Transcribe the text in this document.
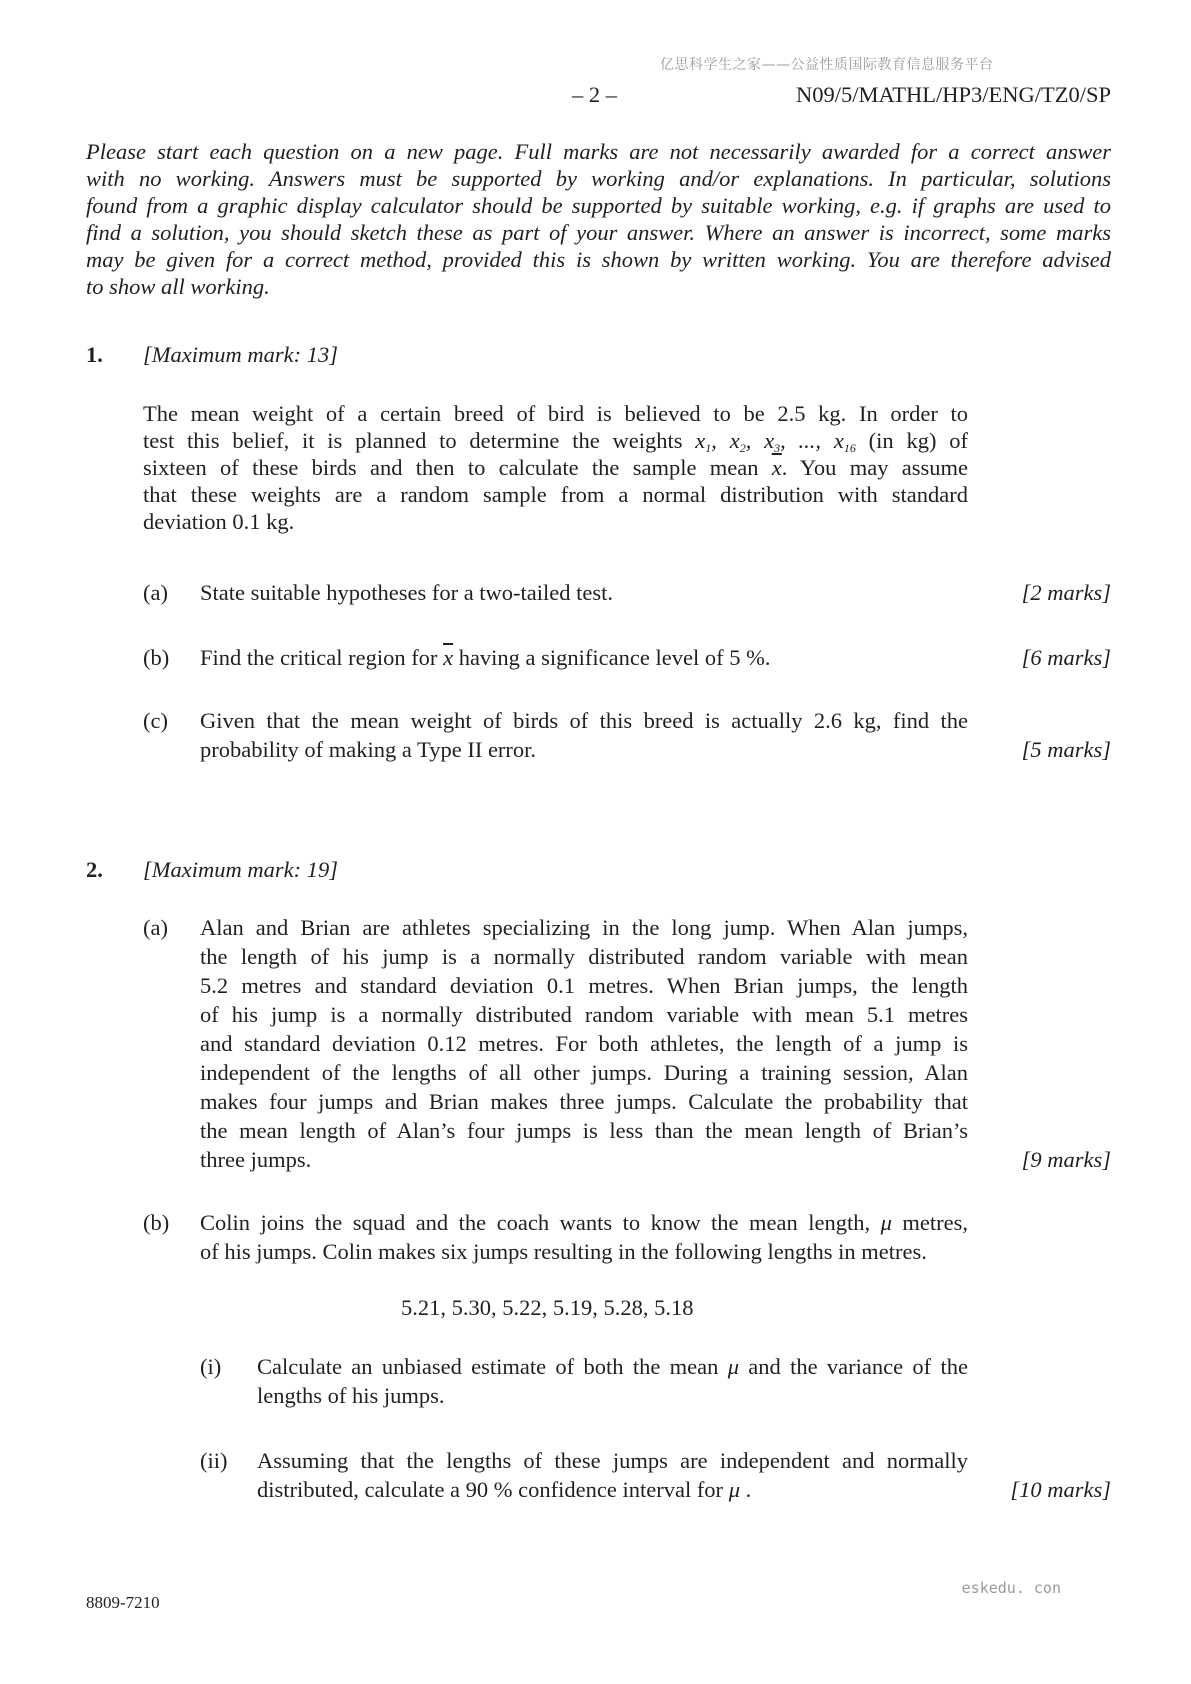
亿思科学生之家——公益性质国际教育信息服务平台
– 2 –	N09/5/MATHL/HP3/ENG/TZ0/SP
Please start each question on a new page. Full marks are not necessarily awarded for a correct answer
with no working. Answers must be supported by working and/or explanations. In particular, solutions
found from a graphic display calculator should be supported by suitable working, e.g. if graphs are used to
find a solution, you should sketch these as part of your answer. Where an answer is incorrect, some marks
may be given for a correct method, provided this is shown by written working. You are therefore advised
to show all working.
1. [Maximum mark: 13]
The mean weight of a certain breed of bird is believed to be 2.5 kg. In order to
test this belief, it is planned to determine the weights $x_1$, $x_2$, $x_3$, ..., $x_{16}$ (in kg) of
sixteen of these birds and then to calculate the sample mean $\overline{x}$. You may assume
that these weights are a random sample from a normal distribution with standard
deviation 0.1 kg.
(a) State suitable hypotheses for a two-tailed test.	[2 marks]
(b) Find the critical region for $\overline{x}$ having a significance level of 5 %.	[6 marks]
(c) Given that the mean weight of birds of this breed is actually 2.6 kg, find the
probability of making a Type II error.	[5 marks]
2. [Maximum mark: 19]
(a) Alan and Brian are athletes specializing in the long jump. When Alan jumps,
the length of his jump is a normally distributed random variable with mean
5.2 metres and standard deviation 0.1 metres. When Brian jumps, the length
of his jump is a normally distributed random variable with mean 5.1 metres
and standard deviation 0.12 metres. For both athletes, the length of a jump is
independent of the lengths of all other jumps. During a training session, Alan
makes four jumps and Brian makes three jumps. Calculate the probability that
the mean length of Alan’s four jumps is less than the mean length of Brian’s
three jumps.	[9 marks]
(b) Colin joins the squad and the coach wants to know the mean length, μ metres,
of his jumps. Colin makes six jumps resulting in the following lengths in metres.
5.21, 5.30, 5.22, 5.19, 5.28, 5.18
(i) Calculate an unbiased estimate of both the mean μ and the variance of the
lengths of his jumps.
(ii) Assuming that the lengths of these jumps are independent and normally
distributed, calculate a 90 % confidence interval for μ .	[10 marks]
8809-7210
eskedu. con
